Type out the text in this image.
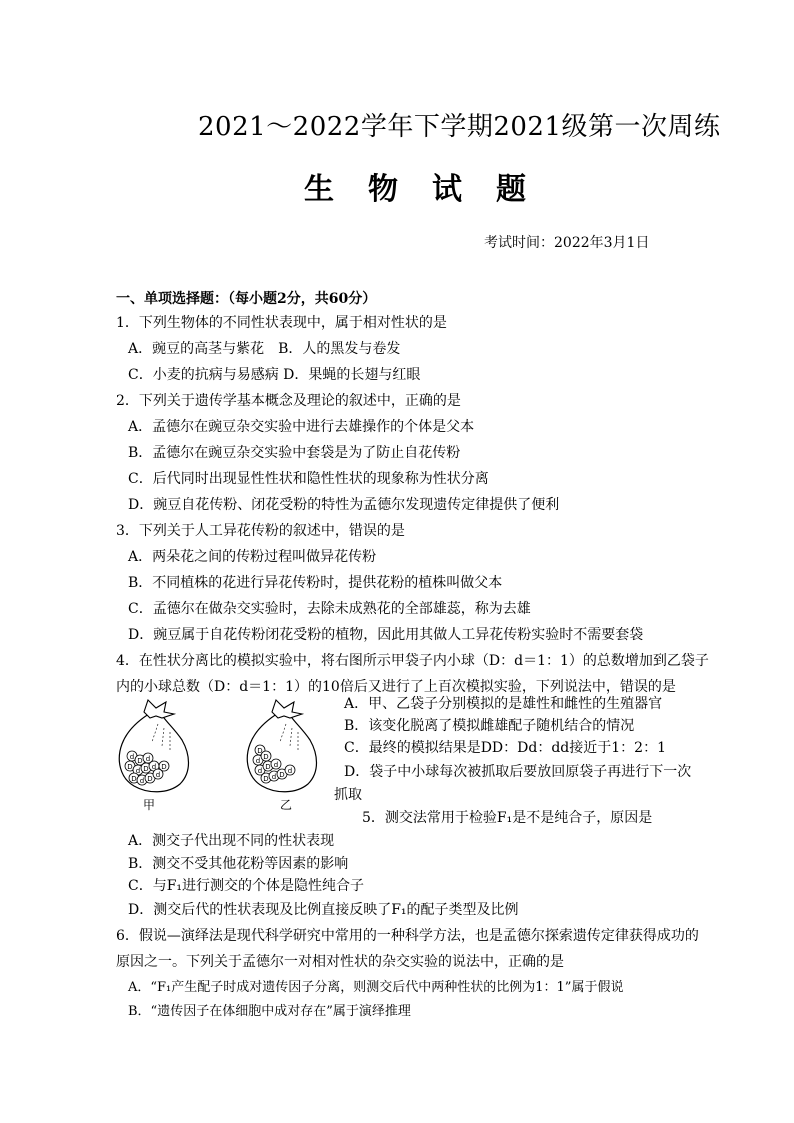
2021～2022学年下学期2021级第一次周练
生物试题
考试时间：2022年3月1日
一、单项选择题：（每小题2分，共60分）
1．下列生物体的不同性状表现中，属于相对性状的是
A．豌豆的高茎与紫花　B．人的黑发与卷发
C．小麦的抗病与易感病 D．果蝇的长翅与红眼
2．下列关于遗传学基本概念及理论的叙述中，正确的是
A．孟德尔在豌豆杂交实验中进行去雄操作的个体是父本
B．孟德尔在豌豆杂交实验中套袋是为了防止自花传粉
C．后代同时出现显性性状和隐性性状的现象称为性状分离
D．豌豆自花传粉、闭花受粉的特性为孟德尔发现遗传定律提供了便利
3．下列关于人工异花传粉的叙述中，错误的是
A．两朵花之间的传粉过程叫做异花传粉
B．不同植株的花进行异花传粉时，提供花粉的植株叫做父本
C．孟德尔在做杂交实验时，去除未成熟花的全部雄蕊，称为去雄
D．豌豆属于自花传粉闭花受粉的植物，因此用其做人工异花传粉实验时不需要套袋
4．在性状分离比的模拟实验中，将右图所示甲袋子内小球（D：d＝1：1）的总数增加到乙袋子
内的小球总数（D：d＝1：1）的10倍后又进行了上百次模拟实验，下列说法中，错误的是
A．甲、乙袋子分别模拟的是雄性和雌性的生殖器官
B．该变化脱离了模拟雌雄配子随机结合的情况
C．最终的模拟结果是DD：Dd：dd接近于1：2：1
D．袋子中小球每次被抓取后要放回原袋子再进行下一次
抓取
d D d
D d D d
D d D d
D
甲
D
d D
d D d
D d D d
乙
5．测交法常用于检验F₁是不是纯合子，原因是
A．测交子代出现不同的性状表现
B．测交不受其他花粉等因素的影响
C．与F₁进行测交的个体是隐性纯合子
D．测交后代的性状表现及比例直接反映了F₁的配子类型及比例
6．假说—演绎法是现代科学研究中常用的一种科学方法，也是孟德尔探索遗传定律获得成功的
原因之一。下列关于孟德尔一对相对性状的杂交实验的说法中，正确的是
A．“F₁产生配子时成对遗传因子分离，则测交后代中两种性状的比例为1：1”属于假说
B．“遗传因子在体细胞中成对存在”属于演绎推理
